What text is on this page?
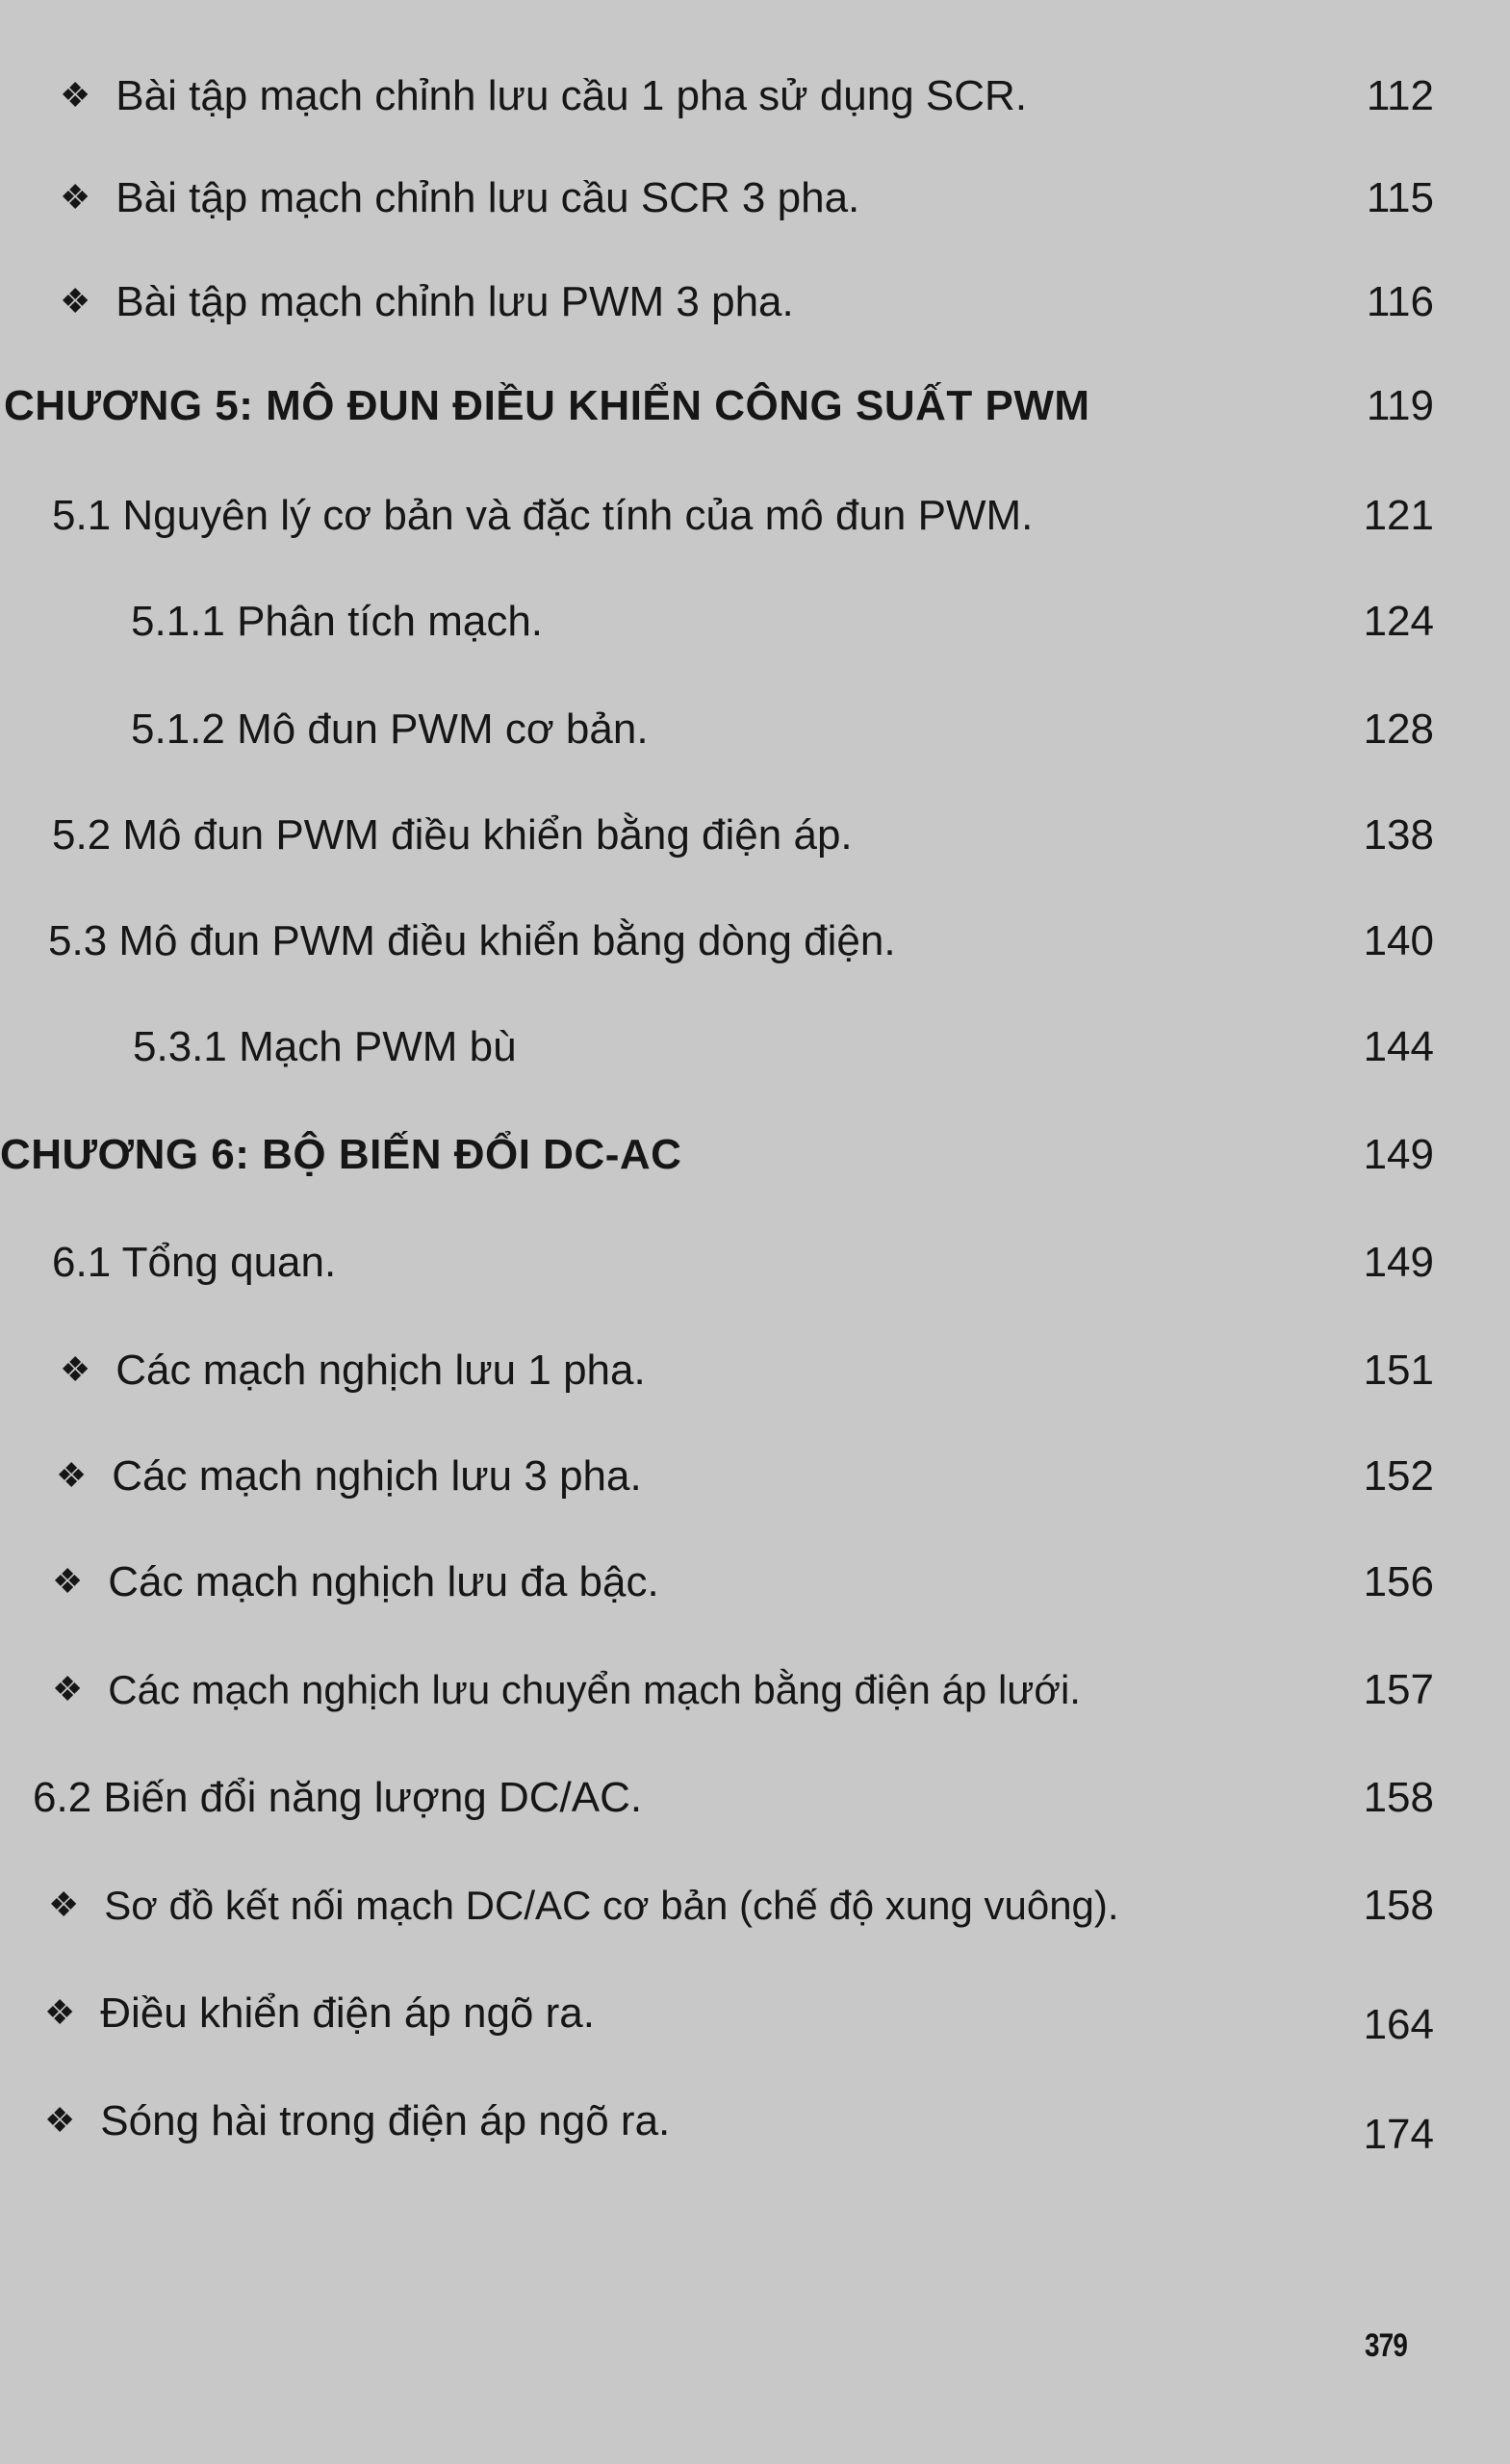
❖ Bài tập mạch chỉnh lưu cầu 1 pha sử dụng SCR.	112
❖ Bài tập mạch chỉnh lưu cầu SCR 3 pha.	115
❖ Bài tập mạch chỉnh lưu PWM 3 pha.	116
CHƯƠNG 5: MÔ ĐUN ĐIỀU KHIỂN CÔNG SUẤT PWM	119
5.1 Nguyên lý cơ bản và đặc tính của mô đun PWM.	121
5.1.1 Phân tích mạch.	124
5.1.2 Mô đun PWM cơ bản.	128
5.2 Mô đun PWM điều khiển bằng điện áp.	138
5.3 Mô đun PWM điều khiển bằng dòng điện.	140
5.3.1 Mạch PWM bù	144
CHƯƠNG 6: BỘ BIẾN ĐỔI DC-AC	149
6.1 Tổng quan.	149
❖ Các mạch nghịch lưu 1 pha.	151
❖ Các mạch nghịch lưu 3 pha.	152
❖ Các mạch nghịch lưu đa bậc.	156
❖ Các mạch nghịch lưu chuyển mạch bằng điện áp lưới.	157
6.2 Biến đổi năng lượng DC/AC.	158
❖ Sơ đồ kết nối mạch DC/AC cơ bản (chế độ xung vuông).	158
❖ Điều khiển điện áp ngõ ra.	164
❖ Sóng hài trong điện áp ngõ ra.	174
379
